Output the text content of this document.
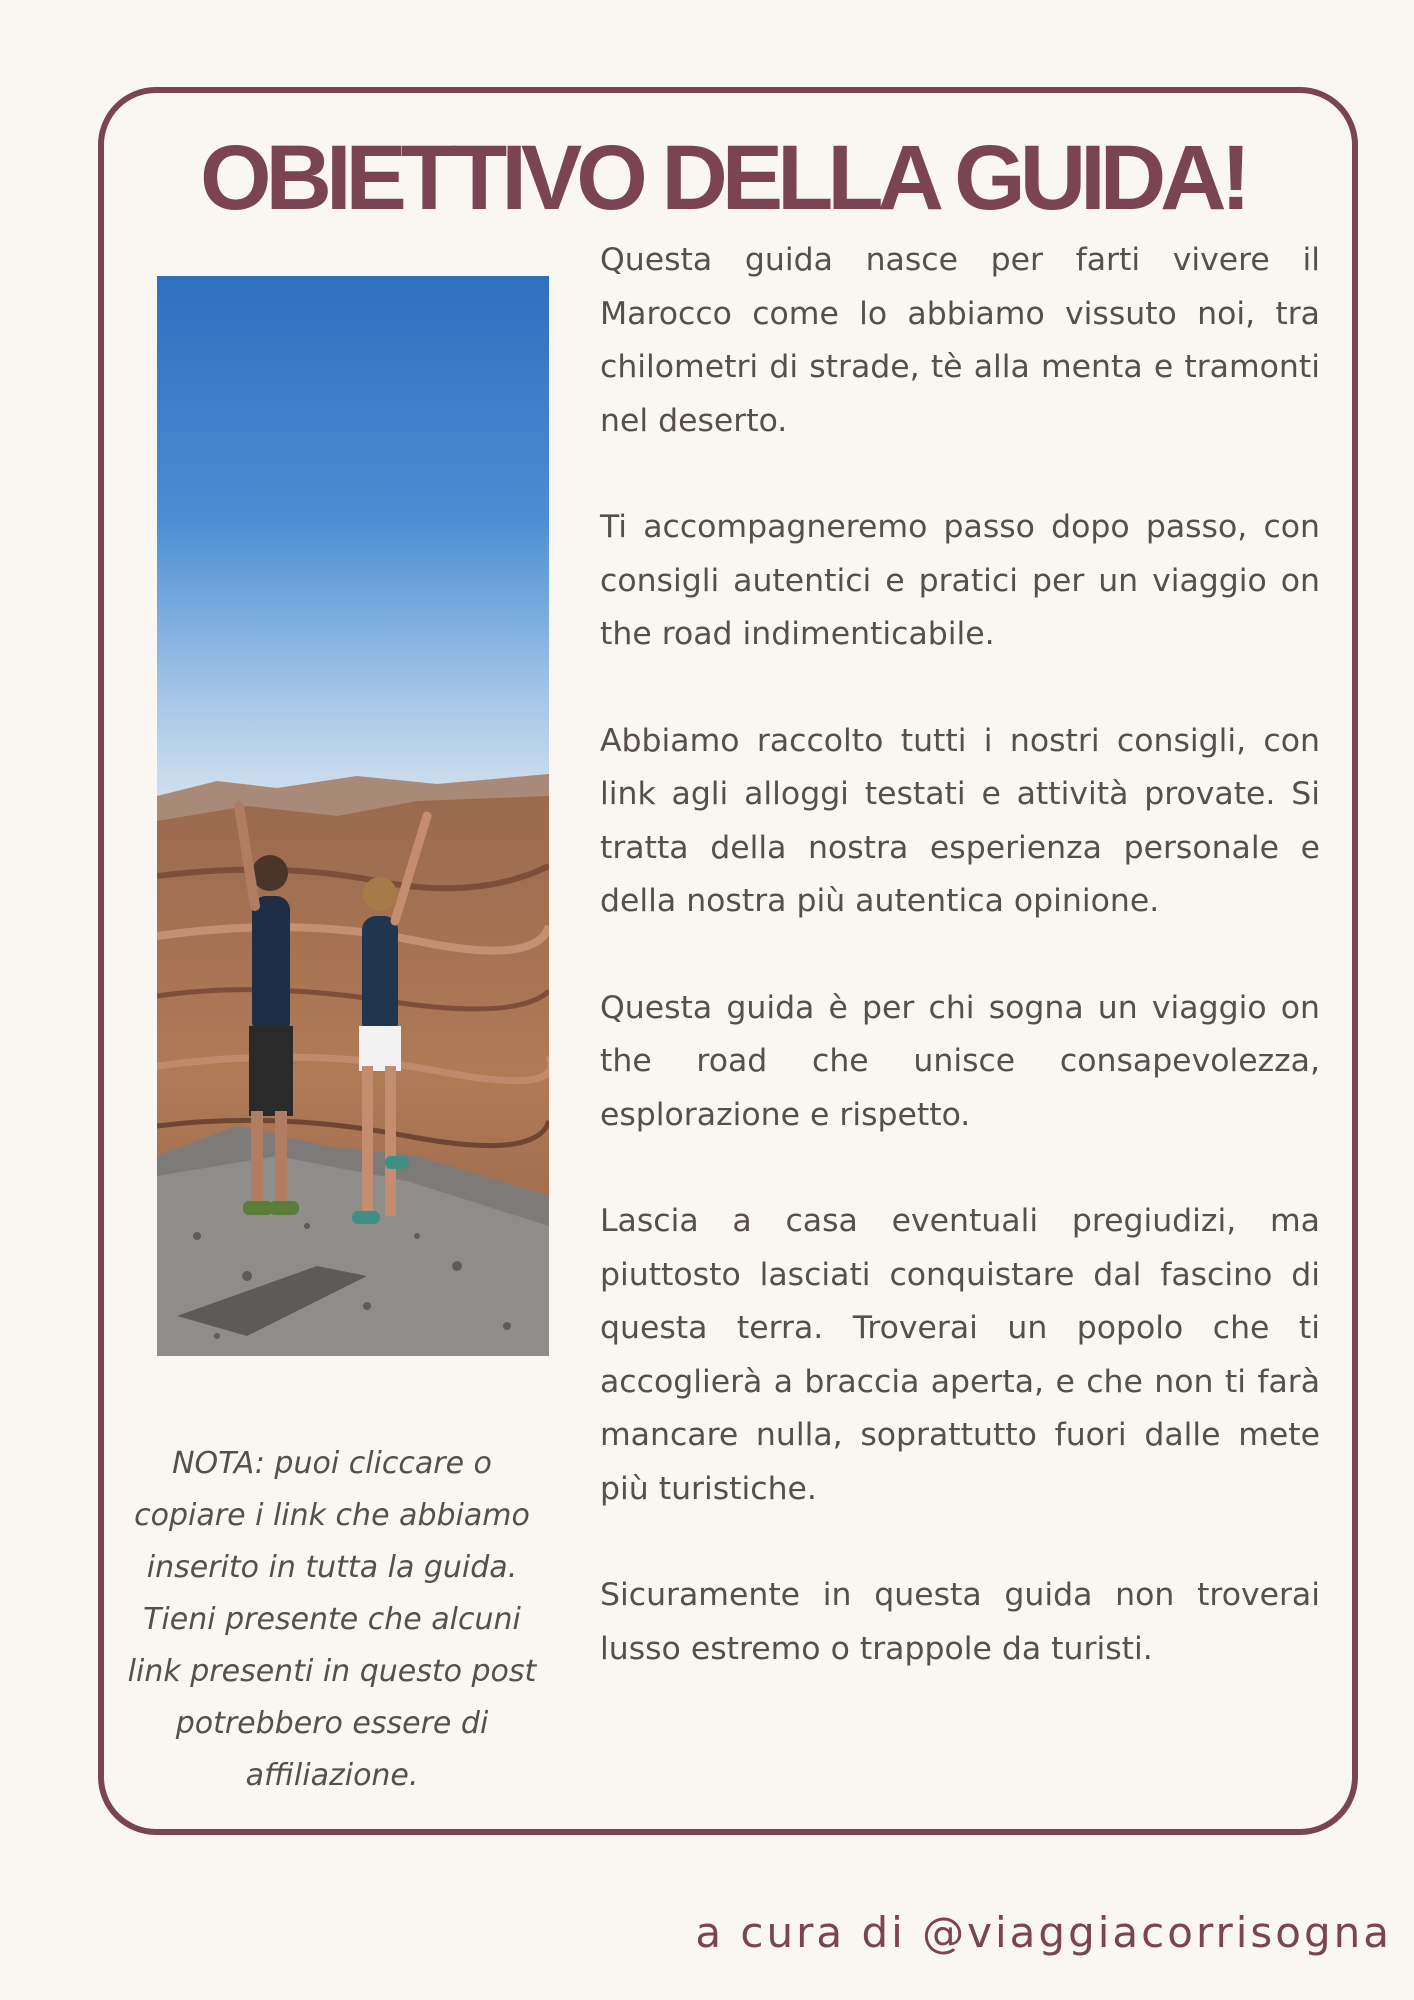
OBIETTIVO DELLA GUIDA!

NOTA: puoi cliccare o copiare i link che abbiamo inserito in tutta la guida. Tieni presente che alcuni link presenti in questo post potrebbero essere di affiliazione.

Questa guida nasce per farti vivere il Marocco come lo abbiamo vissuto noi, tra chilometri di strade, tè alla menta e tramonti nel deserto.

Ti accompagneremo passo dopo passo, con consigli autentici e pratici per un viaggio on the road indimenticabile.

Abbiamo raccolto tutti i nostri consigli, con link agli alloggi testati e attività provate. Si tratta della nostra esperienza personale e della nostra più autentica opinione.

Questa guida è per chi sogna un viaggio on the road che unisce consapevolezza, esplorazione e rispetto.

Lascia a casa eventuali pregiudizi, ma piuttosto lasciati conquistare dal fascino di questa terra. Troverai un popolo che ti accoglierà a braccia aperta, e che non ti farà mancare nulla, soprattutto fuori dalle mete più turistiche.

Sicuramente in questa guida non troverai lusso estremo o trappole da turisti.

a cura di @viaggiacorrisogna
